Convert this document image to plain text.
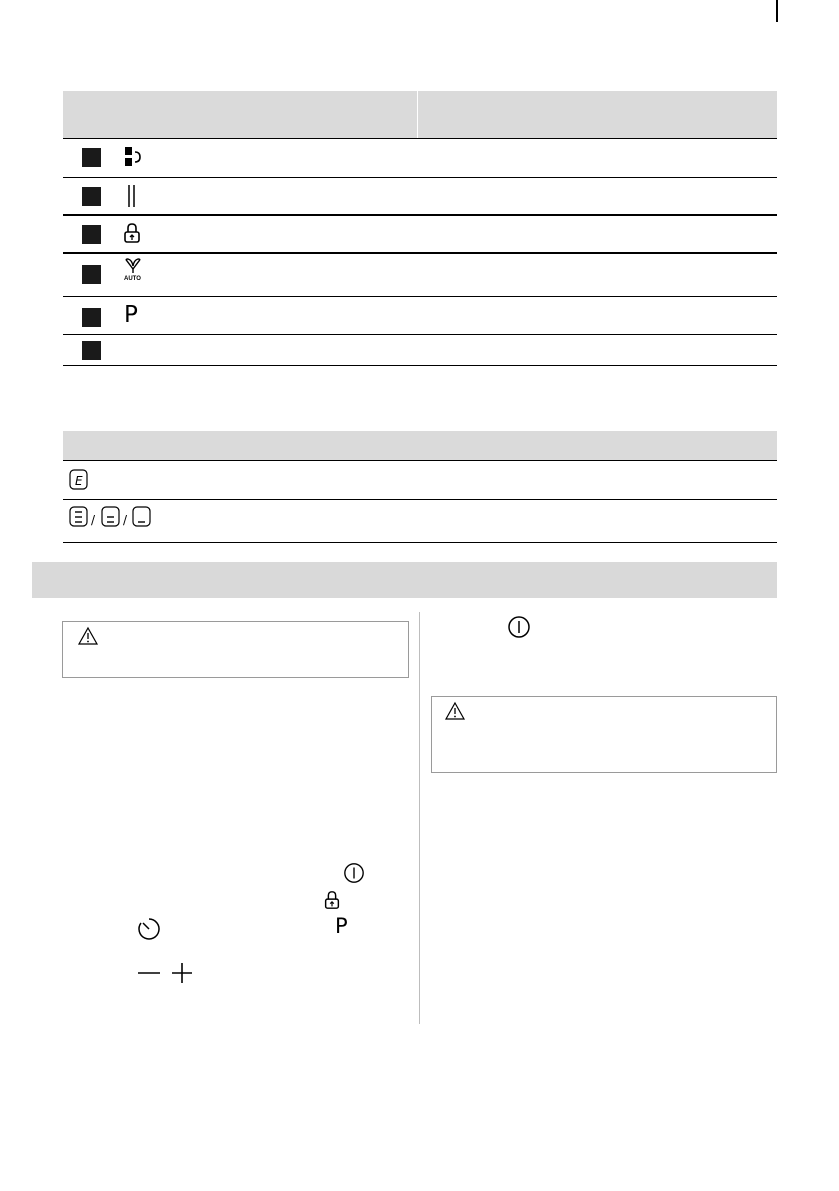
AUTO
P
E
/ /
P
